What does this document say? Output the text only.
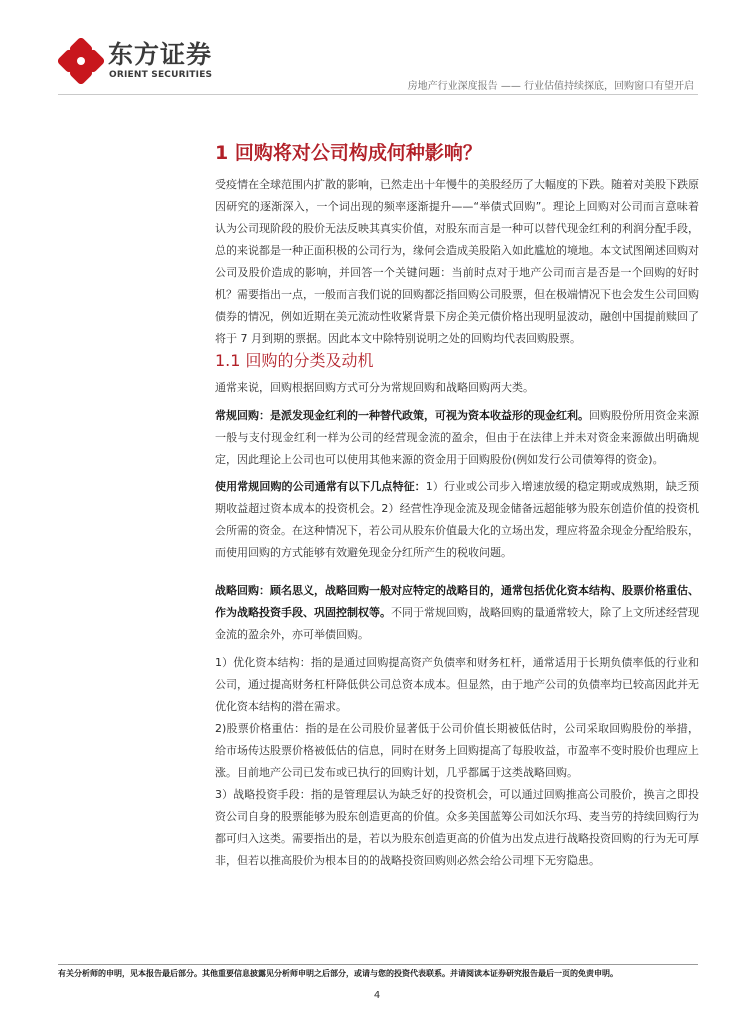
东方证券
ORIENT SECURITIES
房地产行业深度报告 —— 行业估值持续探底，回购窗口有望开启
1 回购将对公司构成何种影响？

受疫情在全球范围内扩散的影响，已然走出十年慢牛的美股经历了大幅度的下跌。随着对美股下跌原因研究的逐渐深入，一个词出现的频率逐渐提升——“举债式回购”。理论上回购对公司而言意味着认为公司现阶段的股价无法反映其真实价值，对股东而言是一种可以替代现金红利的利润分配手段，总的来说都是一种正面积极的公司行为，缘何会造成美股陷入如此尴尬的境地。本文试图阐述回购对公司及股价造成的影响，并回答一个关键问题：当前时点对于地产公司而言是否是一个回购的好时机？需要指出一点，一般而言我们说的回购都泛指回购公司股票，但在极端情况下也会发生公司回购债券的情况，例如近期在美元流动性收紧背景下房企美元债价格出现明显波动，融创中国提前赎回了将于 7 月到期的票据。因此本文中除特别说明之处的回购均代表回购股票。

1.1 回购的分类及动机

通常来说，回购根据回购方式可分为常规回购和战略回购两大类。

常规回购：是派发现金红利的一种替代政策，可视为资本收益形的现金红利。回购股份所用资金来源一般与支付现金红利一样为公司的经营现金流的盈余，但由于在法律上并未对资金来源做出明确规定，因此理论上公司也可以使用其他来源的资金用于回购股份(例如发行公司债筹得的资金)。

使用常规回购的公司通常有以下几点特征：1）行业或公司步入增速放缓的稳定期或成熟期，缺乏预期收益超过资本成本的投资机会。2）经营性净现金流及现金储备远超能够为股东创造价值的投资机会所需的资金。在这种情况下，若公司从股东价值最大化的立场出发，理应将盈余现金分配给股东，而使用回购的方式能够有效避免现金分红所产生的税收问题。

战略回购：顾名思义，战略回购一般对应特定的战略目的，通常包括优化资本结构、股票价格重估、作为战略投资手段、巩固控制权等。不同于常规回购，战略回购的量通常较大，除了上文所述经营现金流的盈余外，亦可举债回购。

1）优化资本结构：指的是通过回购提高资产负债率和财务杠杆，通常适用于长期负债率低的行业和公司，通过提高财务杠杆降低供公司总资本成本。但显然，由于地产公司的负债率均已较高因此并无优化资本结构的潜在需求。

2)股票价格重估：指的是在公司股价显著低于公司价值长期被低估时，公司采取回购股份的举措，给市场传达股票价格被低估的信息，同时在财务上回购提高了每股收益，市盈率不变时股价也理应上涨。目前地产公司已发布或已执行的回购计划，几乎都属于这类战略回购。

3）战略投资手段：指的是管理层认为缺乏好的投资机会，可以通过回购推高公司股价，换言之即投资公司自身的股票能够为股东创造更高的价值。众多美国蓝筹公司如沃尔玛、麦当劳的持续回购行为都可归入这类。需要指出的是，若以为股东创造更高的价值为出发点进行战略投资回购的行为无可厚非，但若以推高股价为根本目的的战略投资回购则必然会给公司埋下无穷隐患。

有关分析师的申明，见本报告最后部分。其他重要信息披露见分析师申明之后部分，或请与您的投资代表联系。并请阅读本证券研究报告最后一页的免责申明。
4
